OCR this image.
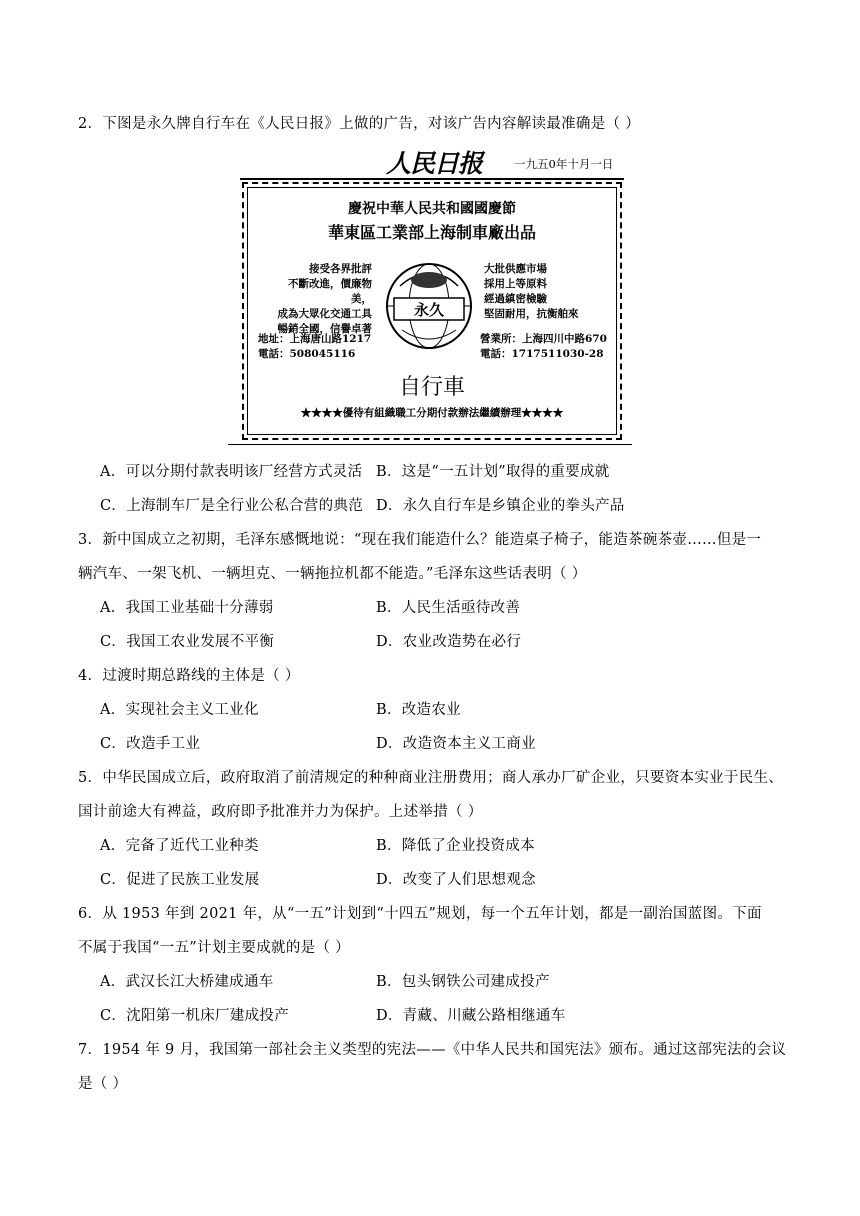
2．下图是永久牌自行车在《人民日报》上做的广告，对该广告内容解读最准确是（ ）
人民日报	一九五0年十月一日
慶祝中華人民共和國國慶節
華東區工業部上海制車廠出品
接受各界批評
不斷改進，價廉物美，
成為大眾化交通工具
暢銷全國，信譽卓著
大批供應市場
採用上等原料
經過縝密檢驗
堅固耐用，抗衡舶來
永久
地址：上海唐山路1217
電話：508045116
營業所：上海四川中路670
電話：1717511030-28
自行車
★★★★優待有組織職工分期付款辦法繼續辦理★★★★
A．可以分期付款表明该厂经营方式灵活 B．这是“一五计划”取得的重要成就
C．上海制车厂是全行业公私合营的典范 D．永久自行车是乡镇企业的拳头产品
3．新中国成立之初期，毛泽东感慨地说：“现在我们能造什么？能造桌子椅子，能造茶碗茶壶……但是一
辆汽车、一架飞机、一辆坦克、一辆拖拉机都不能造。”毛泽东这些话表明（ ）
A．我国工业基础十分薄弱	B．人民生活亟待改善
C．我国工农业发展不平衡	D．农业改造势在必行
4．过渡时期总路线的主体是（ ）
A．实现社会主义工业化	B．改造农业
C．改造手工业	D．改造资本主义工商业
5．中华民国成立后，政府取消了前清规定的种种商业注册费用；商人承办厂矿企业，只要资本实业于民生、
国计前途大有裨益，政府即予批准并力为保护。上述举措（ ）
A．完备了近代工业种类	B．降低了企业投资成本
C．促进了民族工业发展	D．改变了人们思想观念
6．从 1953 年到 2021 年，从“一五”计划到“十四五”规划，每一个五年计划，都是一副治国蓝图。下面
不属于我国“一五”计划主要成就的是（ ）
A．武汉长江大桥建成通车	B．包头钢铁公司建成投产
C．沈阳第一机床厂建成投产	D．青藏、川藏公路相继通车
7．1954 年 9 月，我国第一部社会主义类型的宪法——《中华人民共和国宪法》颁布。通过这部宪法的会议
是（ ）
